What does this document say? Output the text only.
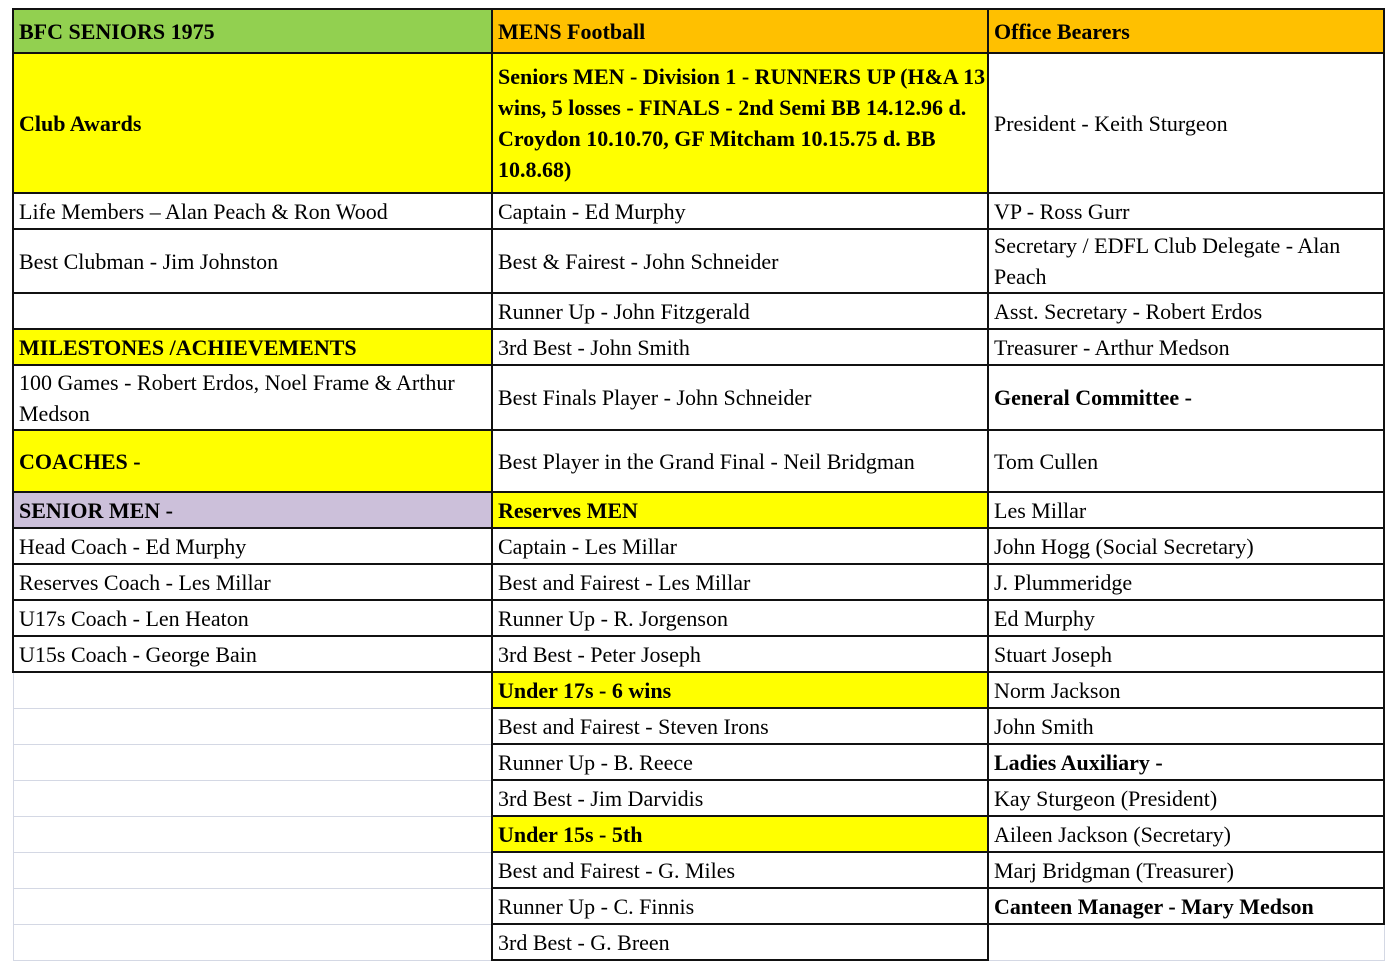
BFC SENIORS 1975	MENS Football	Office Bearers
Club Awards	Seniors MEN - Division 1 - RUNNERS UP (H&A 13 wins, 5 losses - FINALS - 2nd Semi BB 14.12.96 d. Croydon 10.10.70, GF Mitcham 10.15.75 d. BB 10.8.68)	President - Keith Sturgeon
Life Members – Alan Peach & Ron Wood	Captain - Ed Murphy	VP - Ross Gurr
Best Clubman - Jim Johnston	Best & Fairest - John Schneider	Secretary / EDFL Club Delegate - Alan Peach
	Runner Up - John Fitzgerald	Asst. Secretary - Robert Erdos
MILESTONES /ACHIEVEMENTS	3rd Best - John Smith	Treasurer - Arthur Medson
100 Games - Robert Erdos, Noel Frame & Arthur Medson	Best Finals Player - John Schneider	General Committee -
COACHES -	Best Player in the Grand Final - Neil Bridgman	Tom Cullen
SENIOR MEN -	Reserves MEN	Les Millar
Head Coach - Ed Murphy	Captain - Les Millar	John Hogg (Social Secretary)
Reserves Coach - Les Millar	Best and Fairest - Les Millar	J. Plummeridge
U17s Coach - Len Heaton	Runner Up - R. Jorgenson	Ed Murphy
U15s Coach - George Bain	3rd Best - Peter Joseph	Stuart Joseph
	Under 17s - 6 wins	Norm Jackson
	Best and Fairest - Steven Irons	John Smith
	Runner Up - B. Reece	Ladies Auxiliary -
	3rd Best - Jim Darvidis	Kay Sturgeon (President)
	Under 15s - 5th	Aileen Jackson (Secretary)
	Best and Fairest - G. Miles	Marj Bridgman (Treasurer)
	Runner Up - C. Finnis	Canteen Manager - Mary Medson
	3rd Best - G. Breen	
